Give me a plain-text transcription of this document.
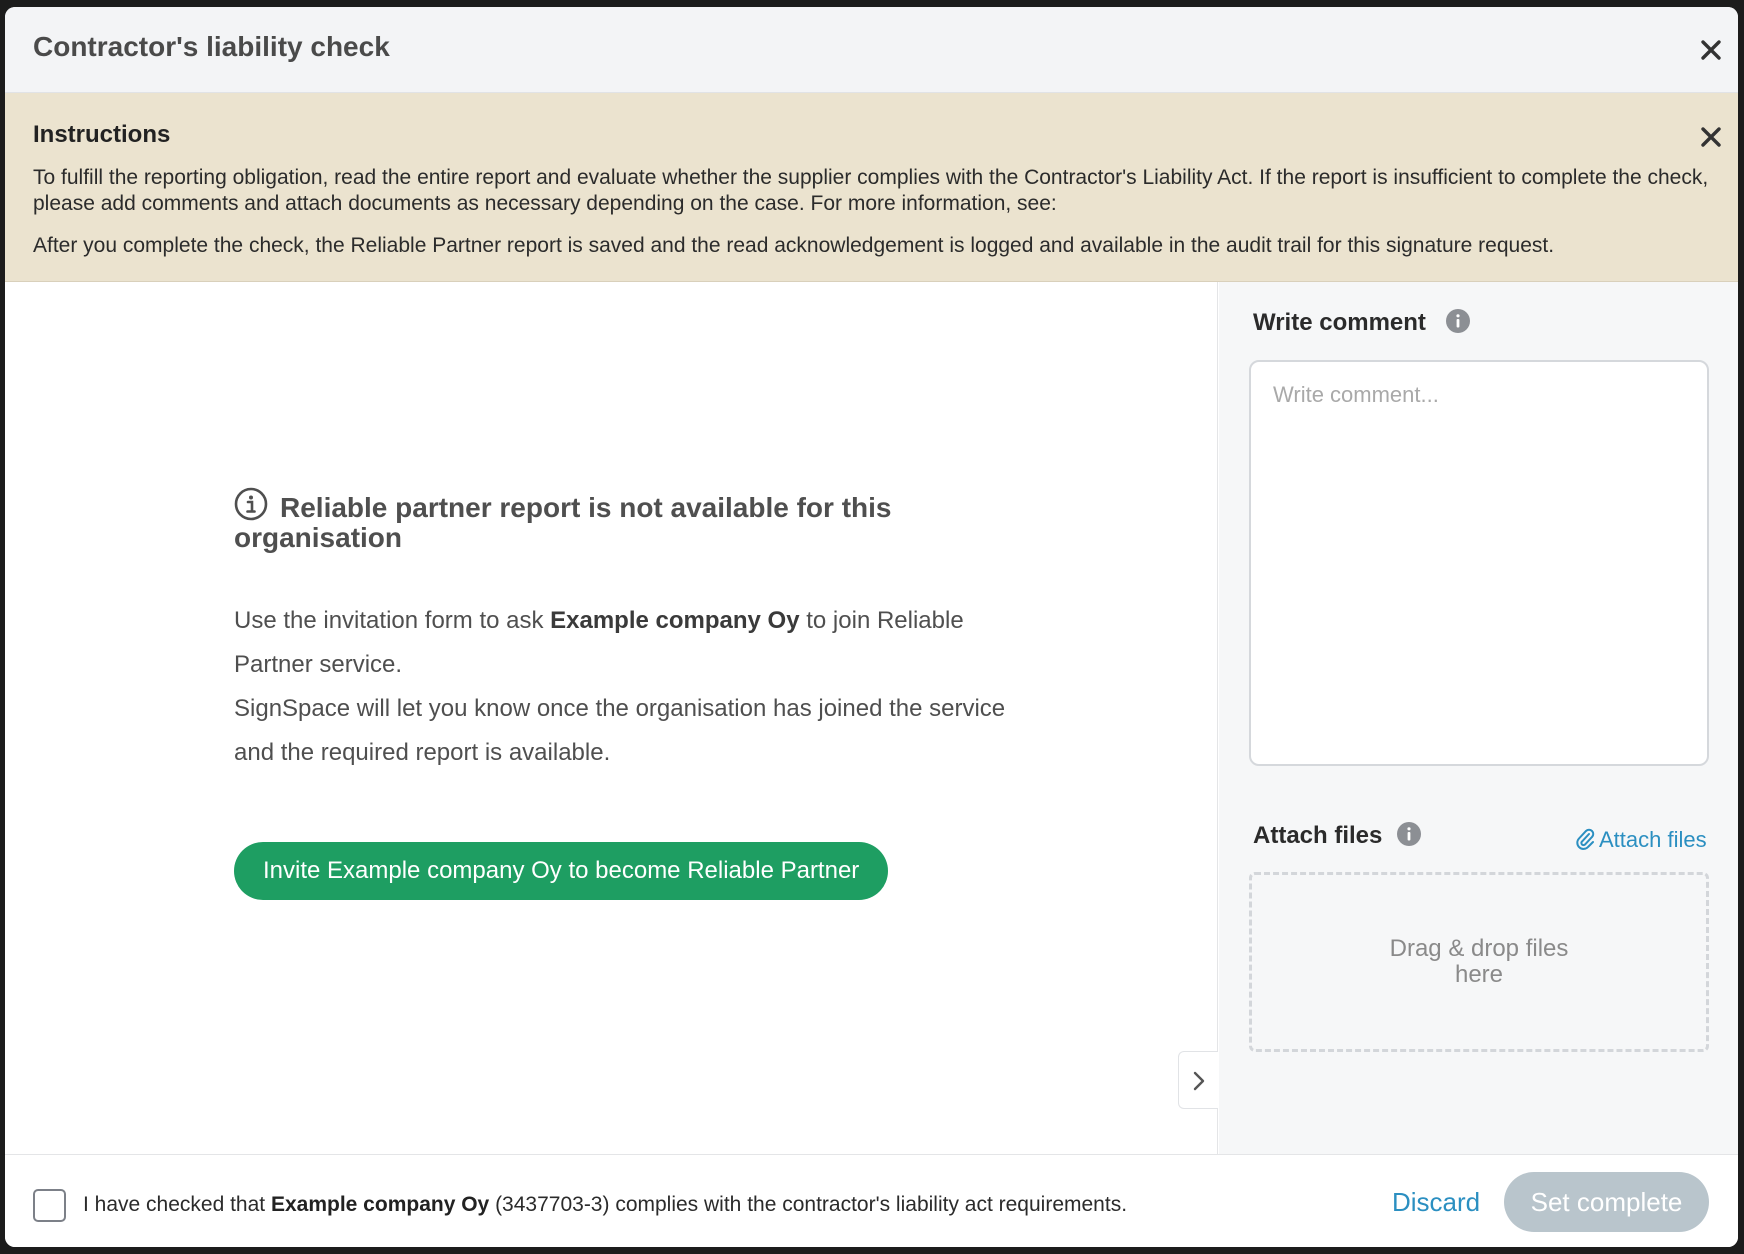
Contractor's liability check
Instructions

To fulfill the reporting obligation, read the entire report and evaluate whether the supplier complies with the Contractor's Liability Act. If the report is insufficient to complete the check, please add comments and attach documents as necessary depending on the case. For more information, see:

After you complete the check, the Reliable Partner report is saved and the read acknowledgement is logged and available in the audit trail for this signature request.

Reliable partner report is not available for this organisation

Use the invitation form to ask Example company Oy to join Reliable Partner service.
SignSpace will let you know once the organisation has joined the service and the required report is available.

Invite Example company Oy to become Reliable Partner
Write comment
Write comment...
Attach files	Attach files
Drag & drop files here

I have checked that Example company Oy (3437703-3) complies with the contractor's liability act requirements.	Discard	Set complete
